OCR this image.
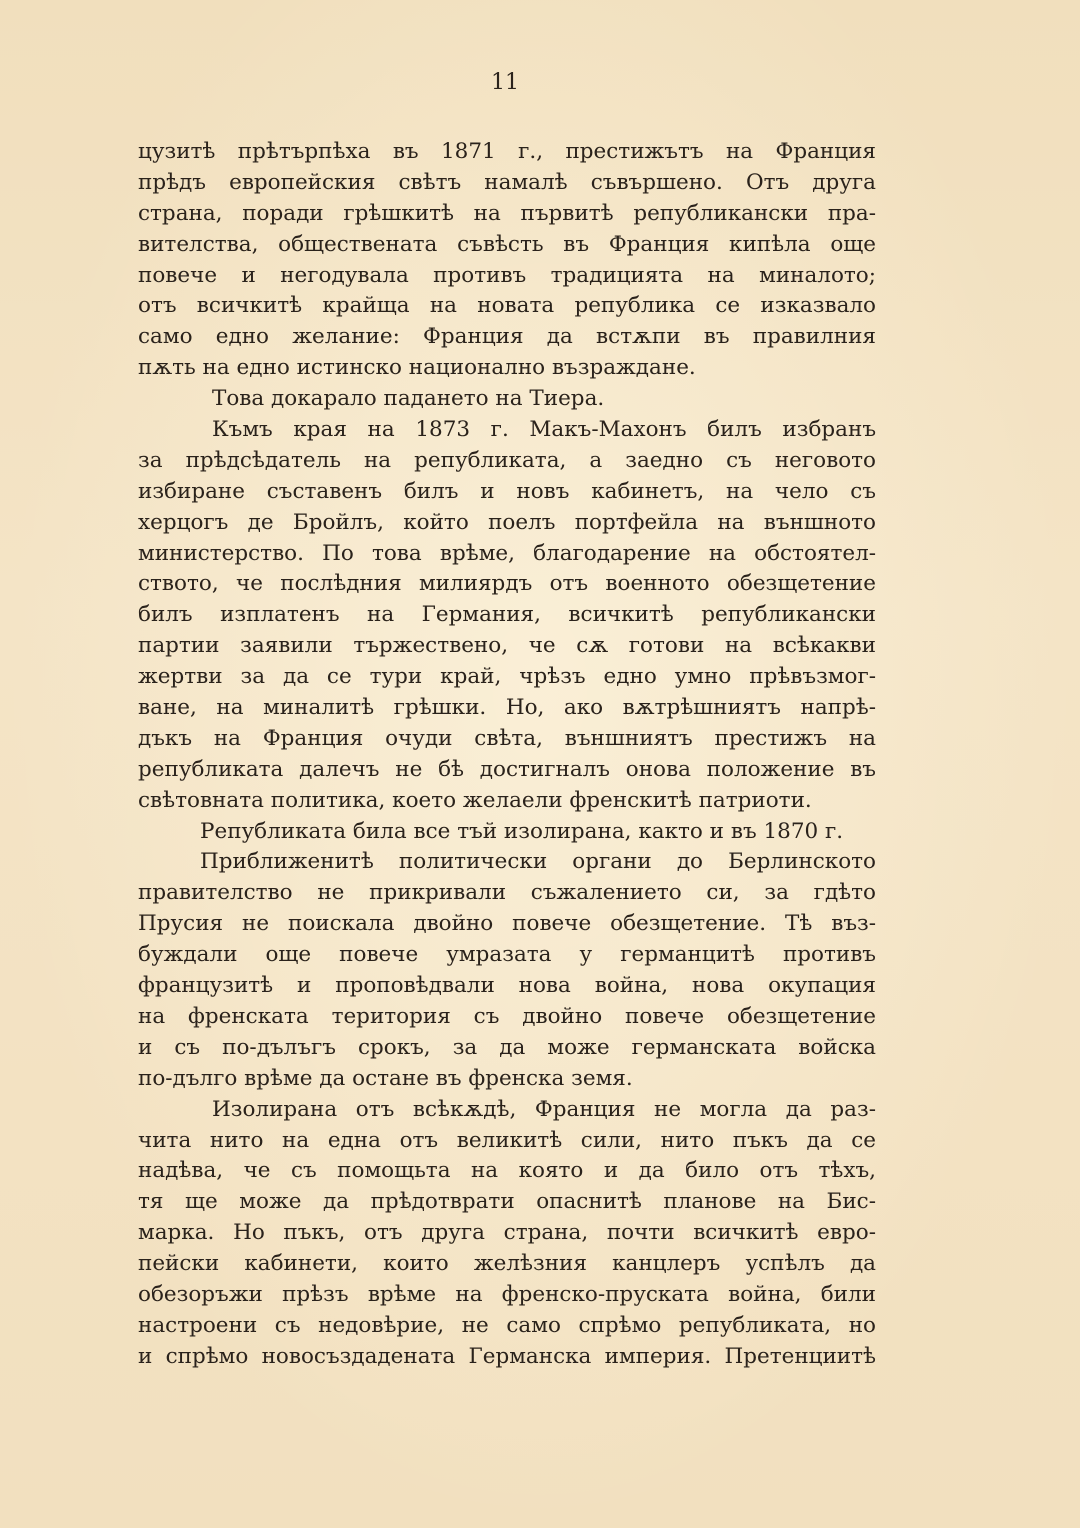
11
цузитѣ прѣтърпѣха въ 1871 г., престижътъ на Франция
прѣдъ европейския свѣтъ намалѣ съвършено. Отъ друга
страна, поради грѣшкитѣ на първитѣ републикански пра-
вителства, обществената съвѣсть въ Франция кипѣла още
повече и негодувала противъ традицията на миналото;
отъ всичкитѣ крайща на новата република се изказвало
само едно желание: Франция да встѫпи въ правилния
пѫть на едно истинско национално възраждане.
Това докарало падането на Тиера.
Къмъ края на 1873 г. Макъ-Махонъ билъ избранъ
за прѣдсѣдатель на републиката, а заедно съ неговото
избиране съставенъ билъ и новъ кабинетъ, на чело съ
херцогъ де Бройлъ, който поелъ портфейла на външното
министерство. По това врѣме, благодарение на обстоятел-
ството, че послѣдния милиярдъ отъ военното обезщетение
билъ изплатенъ на Германия, всичкитѣ републикански
партии заявили тържествено, че сѫ готови на всѣкакви
жертви за да се тури край, чрѣзъ едно умно прѣвъзмог-
ване, на миналитѣ грѣшки. Но, ако вѫтрѣшниятъ напрѣ-
дъкъ на Франция очуди свѣта, външниятъ престижъ на
републиката далечъ не бѣ достигналъ онова положение въ
свѣтовната политика, което желаели френскитѣ патриоти.
Републиката била все тъй изолирана, както и въ 1870 г.
Приближенитѣ политически органи до Берлинското
правителство не прикривали съжалението си, за гдѣто
Прусия не поискала двойно повече обезщетение. Тѣ въз-
буждали още повече умразата у германцитѣ противъ
французитѣ и проповѣдвали нова война, нова окупация
на френската територия съ двойно повече обезщетение
и съ по-дълъгъ срокъ, за да може германската войска
по-дълго врѣме да остане въ френска земя.
Изолирана отъ всѣкѫдѣ, Франция не могла да раз-
чита нито на една отъ великитѣ сили, нито пъкъ да се
надѣва, че съ помощьта на която и да било отъ тѣхъ,
тя ще може да прѣдотврати опаснитѣ планове на Бис-
марка. Но пъкъ, отъ друга страна, почти всичкитѣ евро-
пейски кабинети, които желѣзния канцлеръ успѣлъ да
обезоръжи прѣзъ врѣме на френско-пруската война, били
настроени съ недовѣрие, не само спрѣмо републиката, но
и спрѣмо новосъздадената Германска империя. Претенциитѣ
